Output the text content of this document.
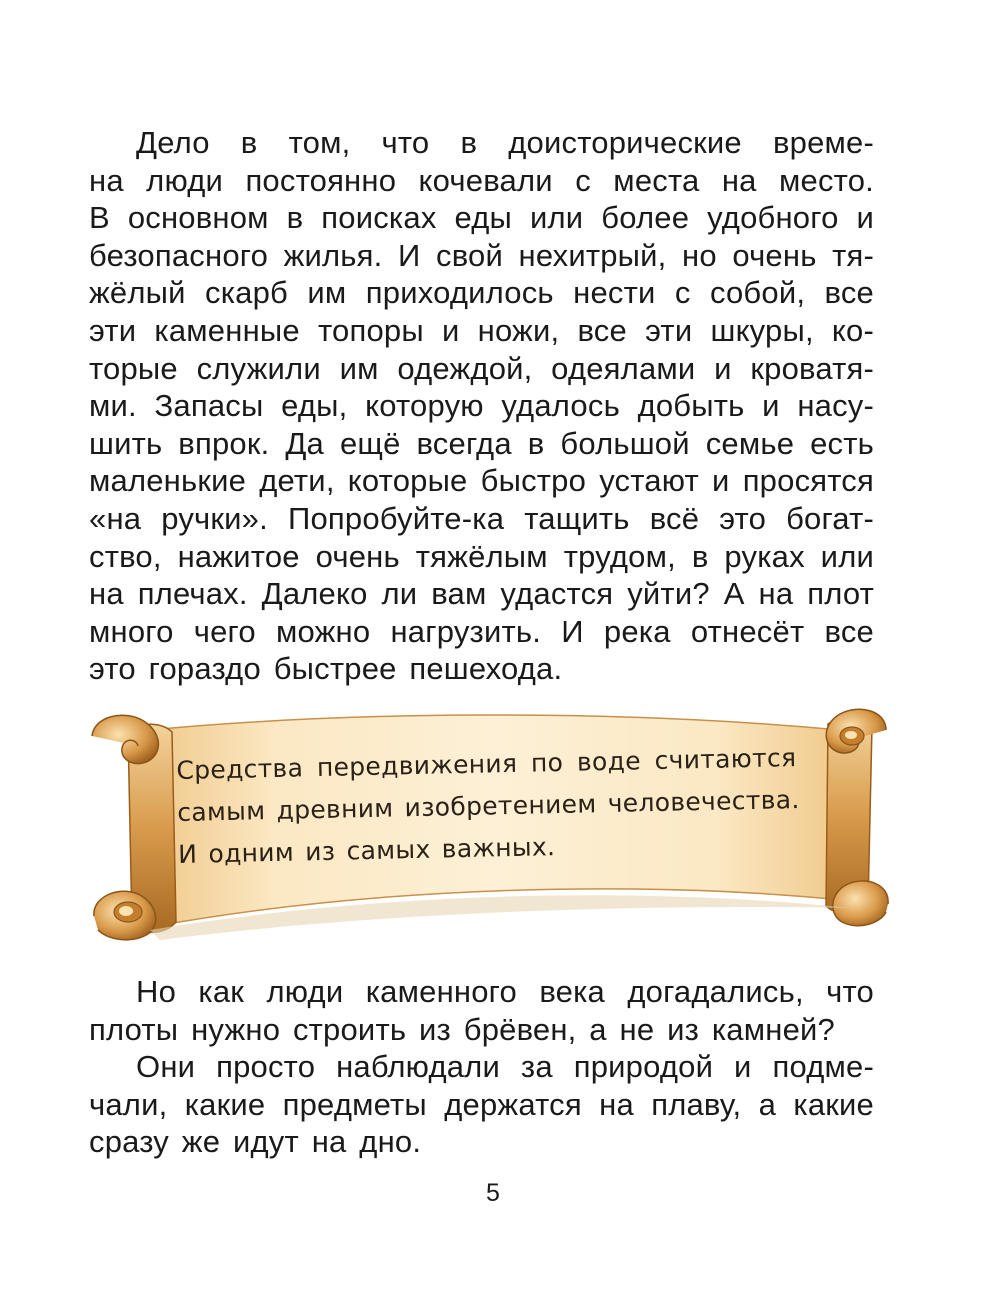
Дело в том, что в доисторические време-
на люди постоянно кочевали с места на место.
В основном в поисках еды или более удобного и
безопасного жилья. И свой нехитрый, но очень тя-
жёлый скарб им приходилось нести с собой, все
эти каменные топоры и ножи, все эти шкуры, ко-
торые служили им одеждой, одеялами и кроватя-
ми. Запасы еды, которую удалось добыть и насу-
шить впрок. Да ещё всегда в большой семье есть
маленькие дети, которые быстро устают и просятся
«на ручки». Попробуйте-ка тащить всё это богат-
ство, нажитое очень тяжёлым трудом, в руках или
на плечах. Далеко ли вам удастся уйти? А на плот
много чего можно нагрузить. И река отнесёт все
это гораздо быстрее пешехода.
Средства передвижения по воде считаются
самым древним изобретением человечества.
И одним из самых важных.
Но как люди каменного века догадались, что
плоты нужно строить из брёвен, а не из камней?
Они просто наблюдали за природой и подме-
чали, какие предметы держатся на плаву, а какие
сразу же идут на дно.
5
